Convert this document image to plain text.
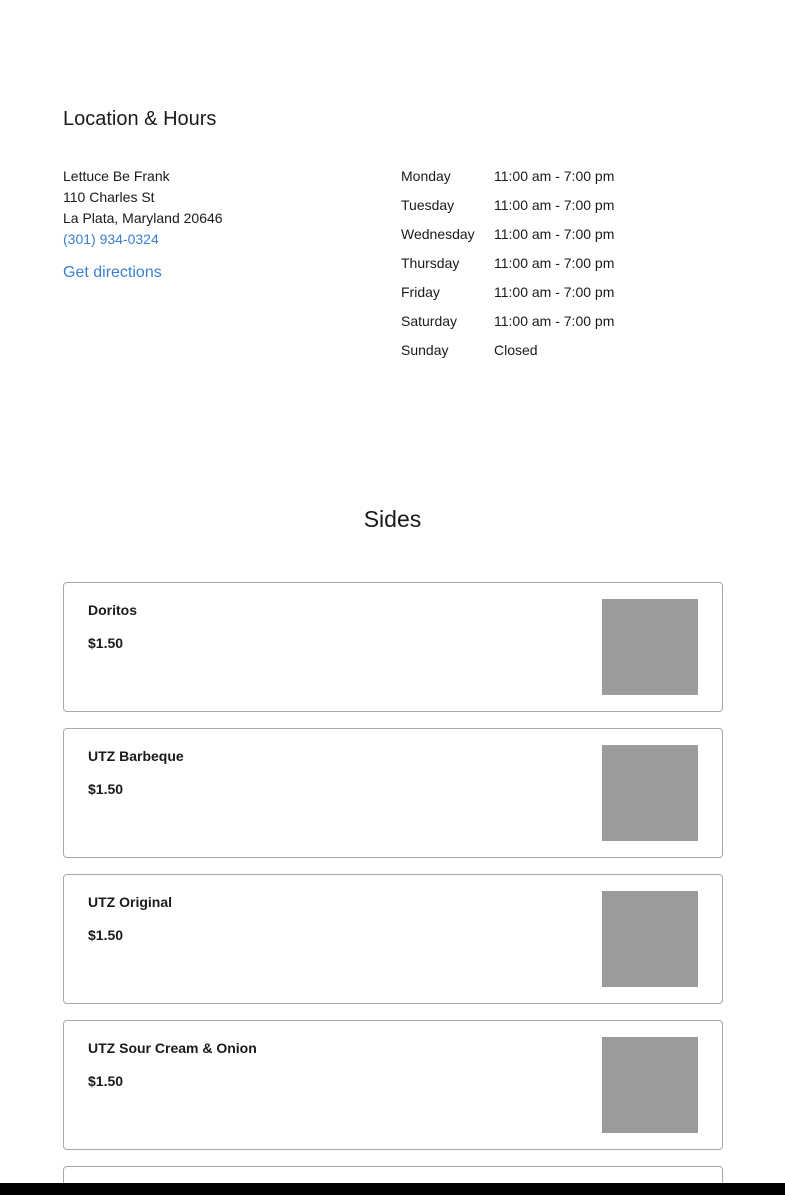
Location & Hours
Lettuce Be Frank
110 Charles St
La Plata, Maryland 20646
(301) 934-0324
Get directions
Monday	11:00 am - 7:00 pm
Tuesday	11:00 am - 7:00 pm
Wednesday	11:00 am - 7:00 pm
Thursday	11:00 am - 7:00 pm
Friday	11:00 am - 7:00 pm
Saturday	11:00 am - 7:00 pm
Sunday	Closed
Sides
Doritos
$1.50
UTZ Barbeque
$1.50
UTZ Original
$1.50
UTZ Sour Cream & Onion
$1.50
